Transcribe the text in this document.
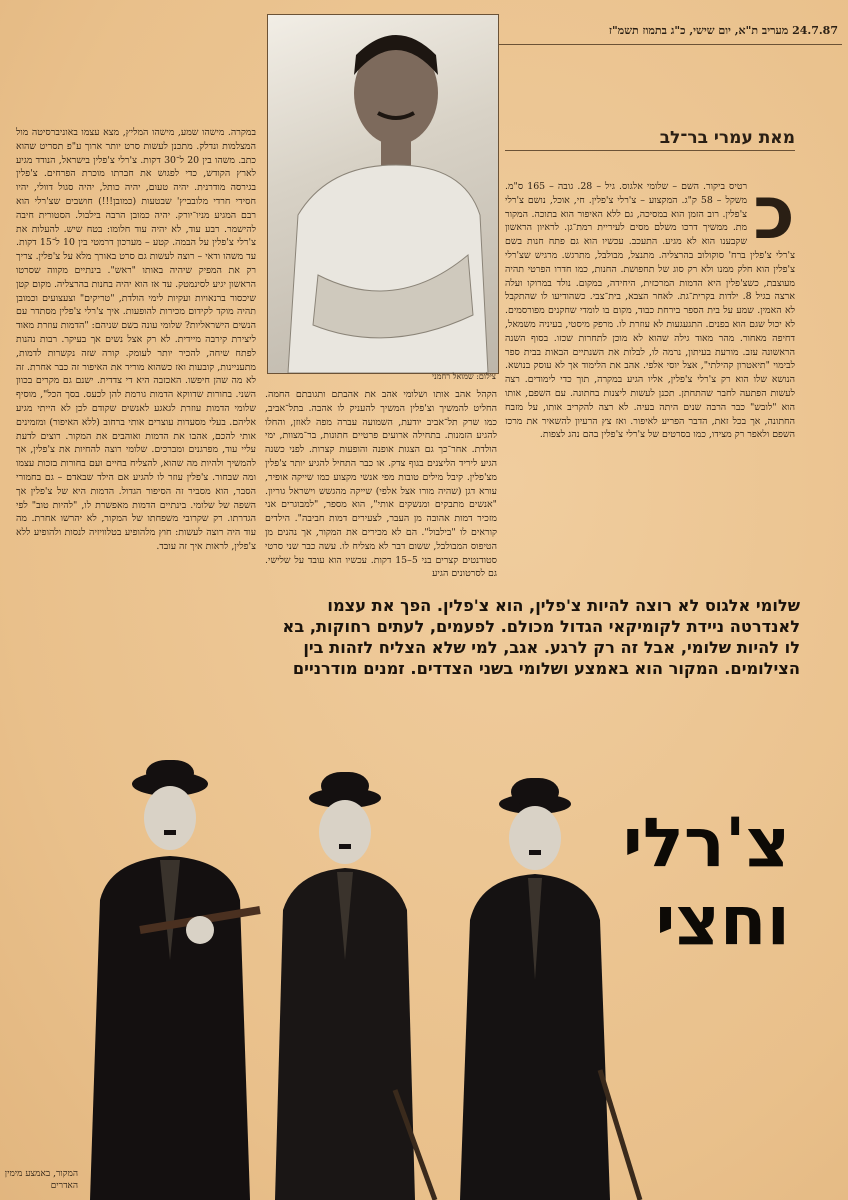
24.7.87 מעריב ת"א, יום שישי, כ"ג בתמוז תשמ"ז
צילום: שמואל רחמני
מאת עמרי בר־לב
כ
רטיס ביקור. השם – שלומי אלגוס. גיל – 28. גובה – 165 ס"מ. משקל – 58 ק"ג. המקצוע – צ'רלי צ'פלין. חי, אוכל, נושם צ'רלי צ'פלין. רוב הזמן הוא במסיכה, גם ללא האיפור הוא בתוכה. המקור מת. ממשיך דרכו משלם מסים לעיריית רמת־גן. לראיון הראשון שקבענו הוא לא מגיע. התעכב. עכשיו הוא גם פתח חנות בשם צ'רלי צ'פלין ברח' סוקולוב בהרצליה. מתנצל, מבולבל, מתרגש. מרגיש שצ'רלי צ'פלין הוא חלק ממנו ולא רק סוג של תחפושת. החנות, כמו חדרו הפרטי תהיה מעוצבת, כשצ'פלין היא הדמות המרכזית, היחידה, במקום. נולד במרוקו ועלה ארצה בגיל 8. ילדות בקרית־גת. לאחר הצבא, בית־צבי. כשהודיעו לו שהתקבל לא האמין. שמע על בית הספר בירחת כבוד, מקום בו לומדי שחקנים מפורסמים. לא יכול שגם הוא בפנים. התגעגעות לא עוזרת לו. מרפק מיסטי, בעיניה משמאל, דחיפה מאחור. מהר מאוד גילה שהוא לא מוכן לתחרות שכזו. בסוף השנה הראשונה עזב. מורעת בעיתון, נרמה לו, לבלות את השנתיים הבאות בבית ספר לבימוי "תיאטרון קהילתי", אצל יוסי אלפי. אהב את הלימוד אך לא עוסק בנושא. הנושא שלו הוא רק צ'רלי צ'פלין, אליו הגיע במקרה, תוך כדי לימודים. רצה לעשות הפתעה לחבר שהתחתן. תכנן לעשות ליצנות בחתונה. עם השפם, אותו הוא "לובש" כבר הרבה שנים היתה בעיה. לא רצה להקריב אותו, על מזבח החתונה, אך בכל זאת, הדבר הפריע לאיפור. ואז צץ הרעיון להשאיר את מרכז השפם ולאפר רק מצידו, כמו בסרטים של צ'רלי צ'פלין בהם נהג לצפות.
הקהל אהב אותו ושלומי אהב את אהבתם ותגובתם החמה. החליט להמשיך וצ'פלין המשיך להעניק לו אהבה. בתל־אביב, כמו שרק תל־אביב יודעת, השמועה עברה מפה לאוזן, והחלו להגיע הזמנות. בתחילה ארועים פרטיים חתונות, בר־מצוות, ימי הולדת. אחר־כך גם הצגות אופנה והופעות קצרות. לפני כשנה הגיע ליריד הליצנים בגוף צדק. או כבר התחיל להגיע יותר צ'פלין מצ'פלין. קיבל מילים טובות מפי אנשי מקצוע כמו שייקה אופיר, עורא דגן (שהיה מורו אצל אלפי) שייקה מהגשש וישראל גוריון. "אנשים מתבקים ומנשקים אותי", הוא מספר, "למבוגרים אני מזכיר דמות אהובה מן העבר, לצעירים דמות חביבה". הילדים קוראים לו "בילבול". הם לא מכירים את המקור, אך נהנים מן הטיפוס המבולבל, ששום דבר לא מצליח לו. עשה כבר שני סרטי סטודנטים קצרים בני 5–15 דקות. עכשיו הוא עובד על שלישי. גם לסרטונים הגיע
במקרה. מישהו שמע, מישהו המליץ, מצא עצמו באוניברסיטה מול המצלמות ונדלק. מתכנן לעשות סרט יותר ארוך ע"פ תסריט שהוא כתב. משהו בין 20 ל־30 דקות. צ'רלי צ'פלין בישראל, הנודד מגיע לארץ הקודש, כדי לפגוש את חברתו מוכרת הפרחים. צ'פלין בגירסה מודרנית. יהיה טעום, יהיה כותל, יהיה סגול דוולי, יהיו חסידי חרדי מלובביץ' שבטעות (כמובן!!!) חושבים שצ'רלי הוא רבם המגיע מניו־יורק. יהיה כמובן הרבה בילבול. הסטורית חיבה להישמר. רבע עוד, לא יהיה עוד חלומו: בטח שיש. להעלות את צ'רלי צ'פלין על הבמה. קטע – מערכון דרמטי בין 10 ל־15 דקות. עד משהו ודאי – רוצה לעשות גם סרט באורך מלא על צ'פלין. צריך רק את המפיק שיהיה באותו "ראש". בינתיים מקווה שסרטו הראשון יגיע לסינמטק. עד אז הוא יהיה בחנות בהרצליה. מקום קטן שיכסור ברנאויות ועקיות לימי הולדת, "טריקים" וצעצועים וכמובן תהיה מוקד לקידום מכירות להופעות. איך צ'רלי צ'פלין מסתדר עם הנשים הישראליות? שלומי עונה בשם שניהם: "הדמות עוזרת מאוד ליצירת קירבה מיידית. לא רק אצל נשים אך בעיקר. רבות נהנות לפתח שיחה, להכיר יותר לעומק. קורה שזה נקשרות לדמות, מתעניינות, קובעות ואז כשהוא מוריד את האיפור זה כבר אחרת. זה לא מה שהן חיפשו. האכזבה היא די צדדית. ישנם גם מקרים בכוון השני. בחורות שדווקא הדמות גורמת להן לכעס. בסך הכל", מוסיף שלומי הדמות עוזרת לגאגע לאנשים שקודם לכן לא הייתי מגיע אליהם. בעלי מסעדות עוצרים אותי ברחוב (ללא האיפור) ומזמינים אותי להכם, אהבו את הדמות ואוהבים את המקור. רוצים לדעת עליי עוד, מפרגנים ומברכים. שלומי רוצה להחיות את צ'פלין, אך להמשיך ולהיות מה שהוא, להצליח בחיים ועם בחורות בזכות עצמו ומה שבחור. צ'פלין עוזר לו להגיע אם הילד שבאדם – גם בחמורי הסבר, הוא מסביר זה הסיפור הגדול. הדמות היא של צ'פלין אך השפה של שלומי. בינתיים הדמות מאפשרת לו, "להיות טוב" לפי הגדרתו. רק שקרובי משפחתו של המקור, לא יהרשו אחרת. מה עוד היה רוצה לעשות: חוץ מלהופיע בטלוויזיה לנסות ולהופיע ללא צ'פלין, לראות איך זה עובד.
שלומי אלגוס לא רוצה להיות צ'פלין, הוא צ'פלין. הפך את עצמו לאנדרטה ניידת לקומיקאי הגדול מכולם. לפעמים, לעתים רחוקות, בא לו להיות שלומי, אבל זה רק לרגע. אגב, למי שלא הצליח לזהות בין הצילומים. המקור הוא באמצע ושלומי בשני הצדדים. זמנים מודרניים
צ'רלי
וחצי
המקור, באמצע מימין האדרים
